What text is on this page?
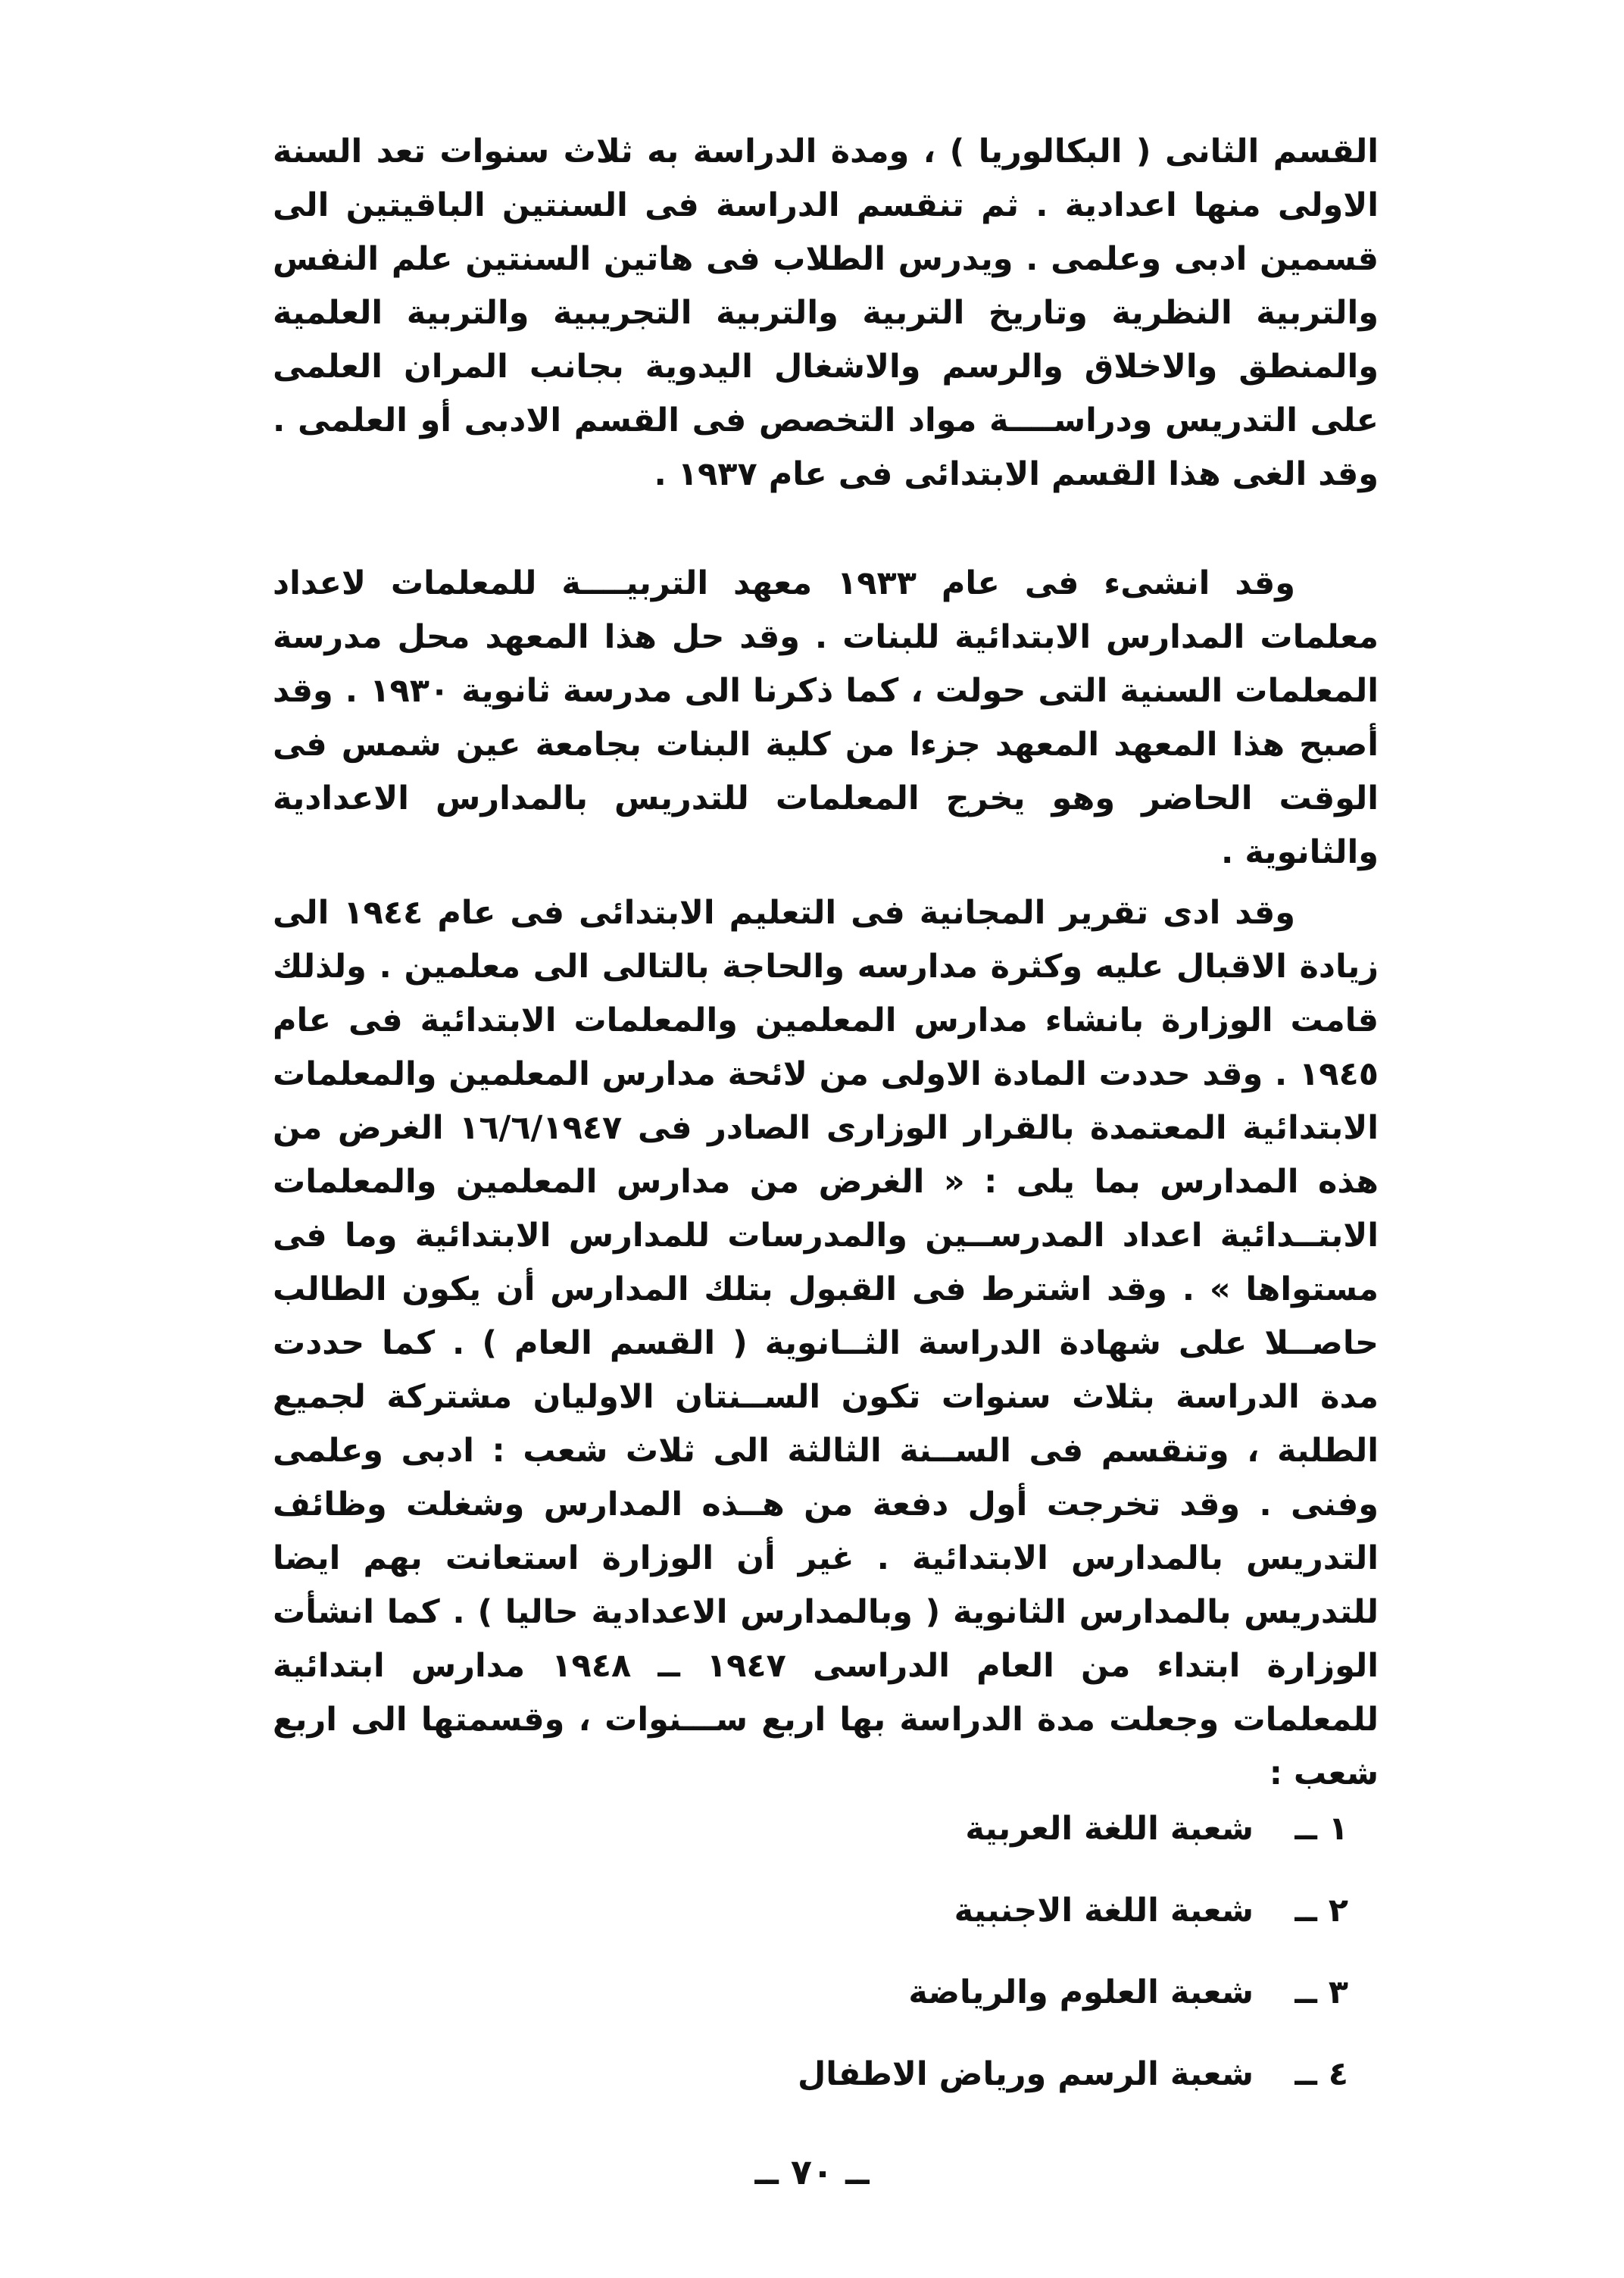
القسم الثانى ( البكالوريا ) ، ومدة الدراسة به ثلاث سنوات تعد السنة الاولى منها اعدادية . ثم تنقسم الدراسة فى السنتين الباقيتين الى قسمين ادبى وعلمى . ويدرس الطلاب فى هاتين السنتين علم النفس والتربية النظرية وتاريخ التربية والتربية التجريبية والتربية العلمية والمنطق والاخلاق والرسم والاشغال اليدوية بجانب المران العلمى على التدريس ودراســــة مواد التخصص فى القسم الادبى أو العلمى . وقد الغى هذا القسم الابتدائى فى عام ١٩٣٧ .

وقد انشىء فى عام ١٩٣٣ معهد التربيــــة للمعلمات لاعداد معلمات المدارس الابتدائية للبنات . وقد حل هذا المعهد محل مدرسة المعلمات السنية التى حولت ، كما ذكرنا الى مدرسة ثانوية ١٩٣٠ . وقد أصبح هذا المعهد المعهد جزءا من كلية البنات بجامعة عين شمس فى الوقت الحاضر وهو يخرج المعلمات للتدريس بالمدارس الاعدادية والثانوية .

وقد ادى تقرير المجانية فى التعليم الابتدائى فى عام ١٩٤٤ الى زيادة الاقبال عليه وكثرة مدارسه والحاجة بالتالى الى معلمين . ولذلك قامت الوزارة بانشاء مدارس المعلمين والمعلمات الابتدائية فى عام ١٩٤٥ . وقد حددت المادة الاولى من لائحة مدارس المعلمين والمعلمات الابتدائية المعتمدة بالقرار الوزارى الصادر فى ١٦/٦/١٩٤٧ الغرض من هذه المدارس بما يلى : « الغرض من مدارس المعلمين والمعلمات الابتــدائية اعداد المدرســين والمدرسات للمدارس الابتدائية وما فى مستواها » . وقد اشترط فى القبول بتلك المدارس أن يكون الطالب حاصــلا على شهادة الدراسة الثــانوية ( القسم العام ) . كما حددت مدة الدراسة بثلاث سنوات تكون الســنتان الاوليان مشتركة لجميع الطلبة ، وتنقسم فى الســنة الثالثة الى ثلاث شعب : ادبى وعلمى وفنى . وقد تخرجت أول دفعة من هــذه المدارس وشغلت وظائف التدريس بالمدارس الابتدائية . غير أن الوزارة استعانت بهم ايضا للتدريس بالمدارس الثانوية ( وبالمدارس الاعدادية حاليا ) . كما انشأت الوزارة ابتداء من العام الدراسى ١٩٤٧ ــ ١٩٤٨ مدارس ابتدائية للمعلمات وجعلت مدة الدراسة بها اربع ســـنوات ، وقسمتها الى اربع شعب :

١ ــ شعبة اللغة العربية
٢ ــ شعبة اللغة الاجنبية
٣ ــ شعبة العلوم والرياضة
٤ ــ شعبة الرسم ورياض الاطفال
ــ ٧٠ ــ
